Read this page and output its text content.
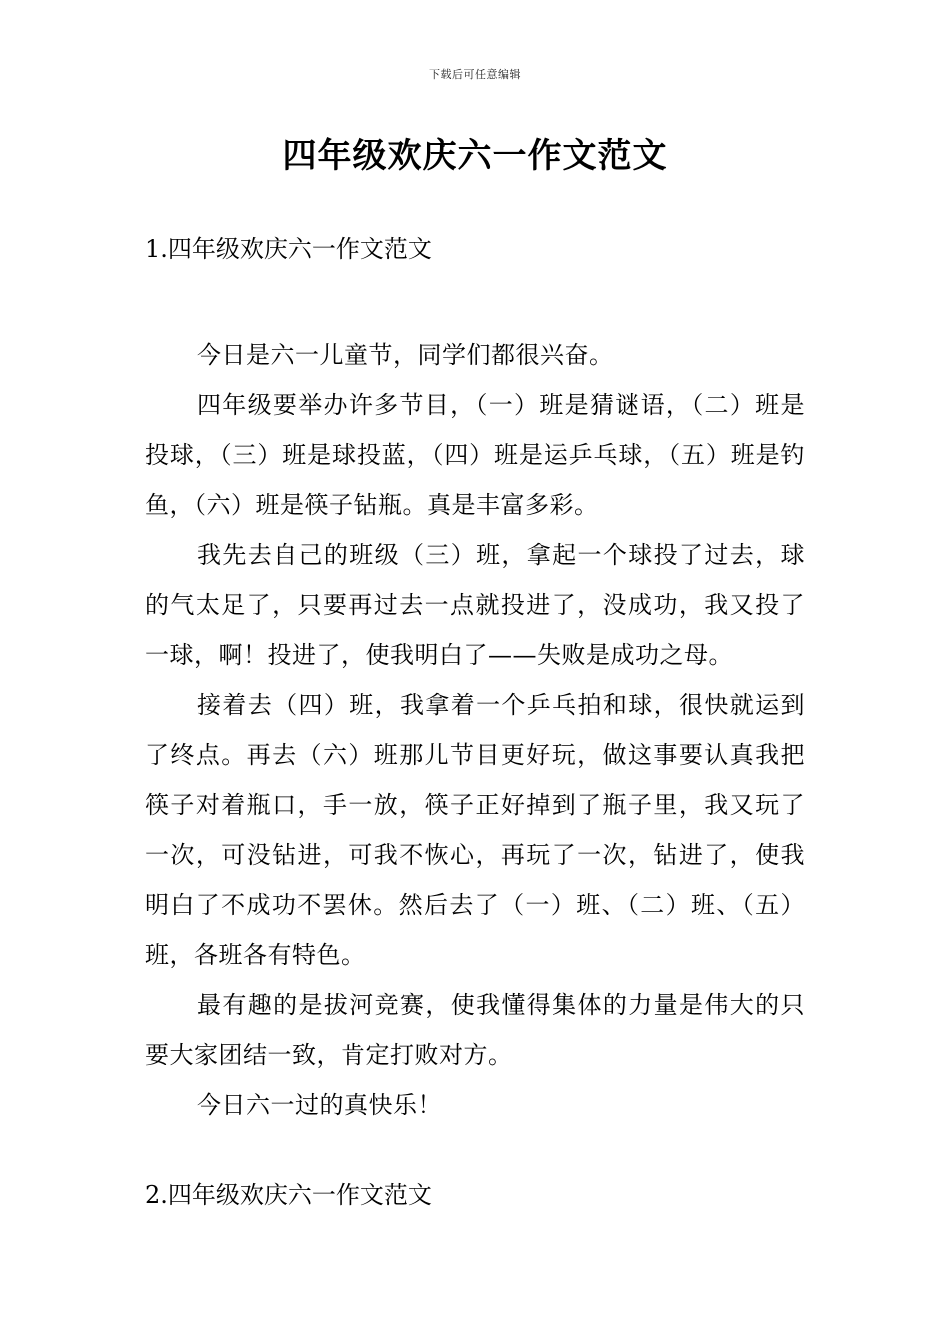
下载后可任意编辑
四年级欢庆六一作文范文
1.四年级欢庆六一作文范文

今日是六一儿童节，同学们都很兴奋。

四年级要举办许多节目，（一）班是猜谜语，（二）班是投球，（三）班是球投蓝，（四）班是运乒乓球，（五）班是钓鱼，（六）班是筷子钻瓶。真是丰富多彩。

我先去自己的班级（三）班，拿起一个球投了过去，球的气太足了，只要再过去一点就投进了，没成功，我又投了一球，啊！投进了，使我明白了——失败是成功之母。

接着去（四）班，我拿着一个乒乓拍和球，很快就运到了终点。再去（六）班那儿节目更好玩，做这事要认真我把筷子对着瓶口，手一放，筷子正好掉到了瓶子里，我又玩了一次，可没钻进，可我不恢心，再玩了一次，钻进了，使我明白了不成功不罢休。然后去了（一）班、（二）班、（五）班，各班各有特色。

最有趣的是拔河竞赛，使我懂得集体的力量是伟大的只要大家团结一致，肯定打败对方。

今日六一过的真快乐！

2.四年级欢庆六一作文范文
